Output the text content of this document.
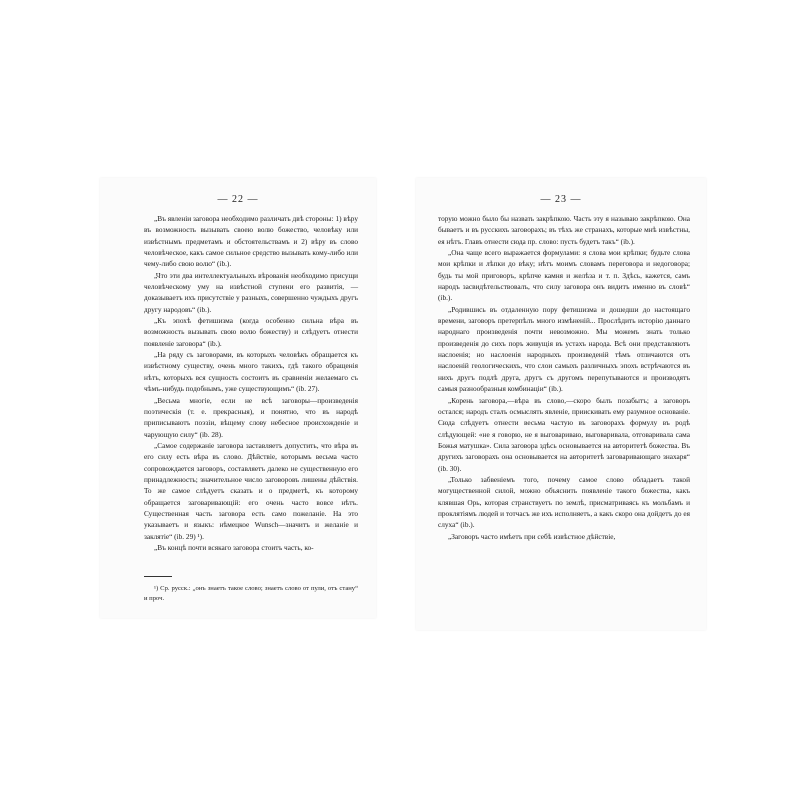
— 22 —

„Въ явленіи заговора необходимо различать двѣ стороны: 1) вѣру въ возможность вызывать своею волю божество, человѣку или извѣстнымъ предметамъ и обстоятельствамъ и 2) вѣру въ слово человѣческое, какъ самое сильное средство вызывать кому-либо или чему-либо свою волю“ (ib.).

„Что эти два интеллектуальныхъ вѣрованія необходимо присущи человѣческому уму на извѣстной ступени его развитія, — доказываетъ ихъ присутствіе у разныхъ, совершенно чуждыхъ другъ другу народовъ“ (ib.).

„Къ эпохѣ фетишизма (когда особенно сильна вѣра въ возможность вызывать свою волю божеству) и слѣдуетъ отнести появленіе заговора“ (ib.).

„На ряду съ заговорами, въ которыхъ человѣкъ обращается къ извѣстному существу, очень много такихъ, гдѣ такого обращенія нѣтъ, которыхъ вся сущность состоитъ въ сравненіи желаемаго съ чѣмъ-нибудь подобнымъ, уже существующимъ“ (ib. 27).

„Весьма многіе, если не всѣ заговоры—произведенія поэтическія (т. е. прекрасныя), и понятно, что въ народѣ приписываютъ поэзіи, вѣщему слову небесное происхожденіе и чарующую силу“ (ib. 28).

„Самое содержаніе заговора заставляетъ допустить, что вѣра въ его силу есть вѣра въ слово. Дѣйствіе, которымъ весьма часто сопровождается заговоръ, составляетъ далеко не существенную его принадлежность; значительное число заговоровъ лишены дѣйствія. То же самое слѣдуетъ сказать и о предметѣ, къ которому обращается заговаривающій: его очень часто вовсе нѣтъ. Существенная часть заговора есть само пожеланіе. На это указываетъ и языкъ: нѣмецкое Wunsch—значитъ и желаніе и заклятіе“ (ib. 29) ¹).

„Въ концѣ почти всякаго заговора стоитъ часть, ко-

¹) Ср. русск.: „онъ знаетъ такое слово; знаетъ слово от пули, отъ стану“ и проч.

— 23 —

торую можно было бы назвать закрѣпкою. Часть эту я называю закрѣпкою. Она бываетъ и въ русскихъ заговорахъ; въ тѣхъ же странахъ, которые мнѣ извѣстны, ея нѣтъ. Главъ отнести сюда пр. слово: пусть будетъ такъ“ (ib.).

„Она чаще всего выражается формулами: я слова мои крѣпки; будьте слова мои крѣпки и лѣпки до вѣку; нѣтъ моимъ словамъ переговора и недоговора; будь ты мой приговоръ, крѣпче камня и желѣза и т. п. Здѣсь, кажется, самъ народъ засвидѣтельствовалъ, что силу заговора онъ видитъ именно въ словѣ“ (ib.).

„Родившись въ отдаленную пору фетишизма и дошедши до настоящаго времени, заговоръ претерпѣлъ много измѣненій... Прослѣдить исторію даннаго народнаго произведенія почти невозможно. Мы можемъ знать только произведенія до сихъ поръ живущія въ устахъ народа. Всѣ они представляютъ наслоенія; но наслоенія народныхъ произведеній тѣмъ отличаются отъ наслоеній геологическихъ, что слои самыхъ различныхъ эпохъ встрѣчаются въ нихъ другъ подлѣ друга, другъ съ другомъ перепутываются и производятъ самыя разнообразныя комбинаціи“ (ib.).

„Корень заговора,—вѣра въ слово,—скоро былъ позабытъ; а заговоръ остался; народъ сталъ осмыслять явленіе, приискивать ему разумное основаніе. Сюда слѣдуетъ отнести весьма частую въ заговорахъ формулу въ родѣ слѣдующей: «не я говорю, не я выговариваю, выговаривала, отговаривала сама Божья матушка». Сила заговора здѣсь основывается на авторитетѣ божества. Въ другихъ заговорахъ она основывается на авторитетѣ заговаривающаго знахаря“ (ib. 30).

„Только забвеніемъ того, почему самое слово обладаетъ такой могущественной силой, можно объяснить появленіе такого божества, какъ клявшая Орь, которая странствуетъ по землѣ, присматриваясь къ мольбамъ и проклятіямъ людей и тотчасъ же ихъ исполняетъ, а какъ скоро она дойдетъ до ея слуха“ (ib.).

„Заговоръ часто имѣетъ при себѣ извѣстное дѣйствіе,
